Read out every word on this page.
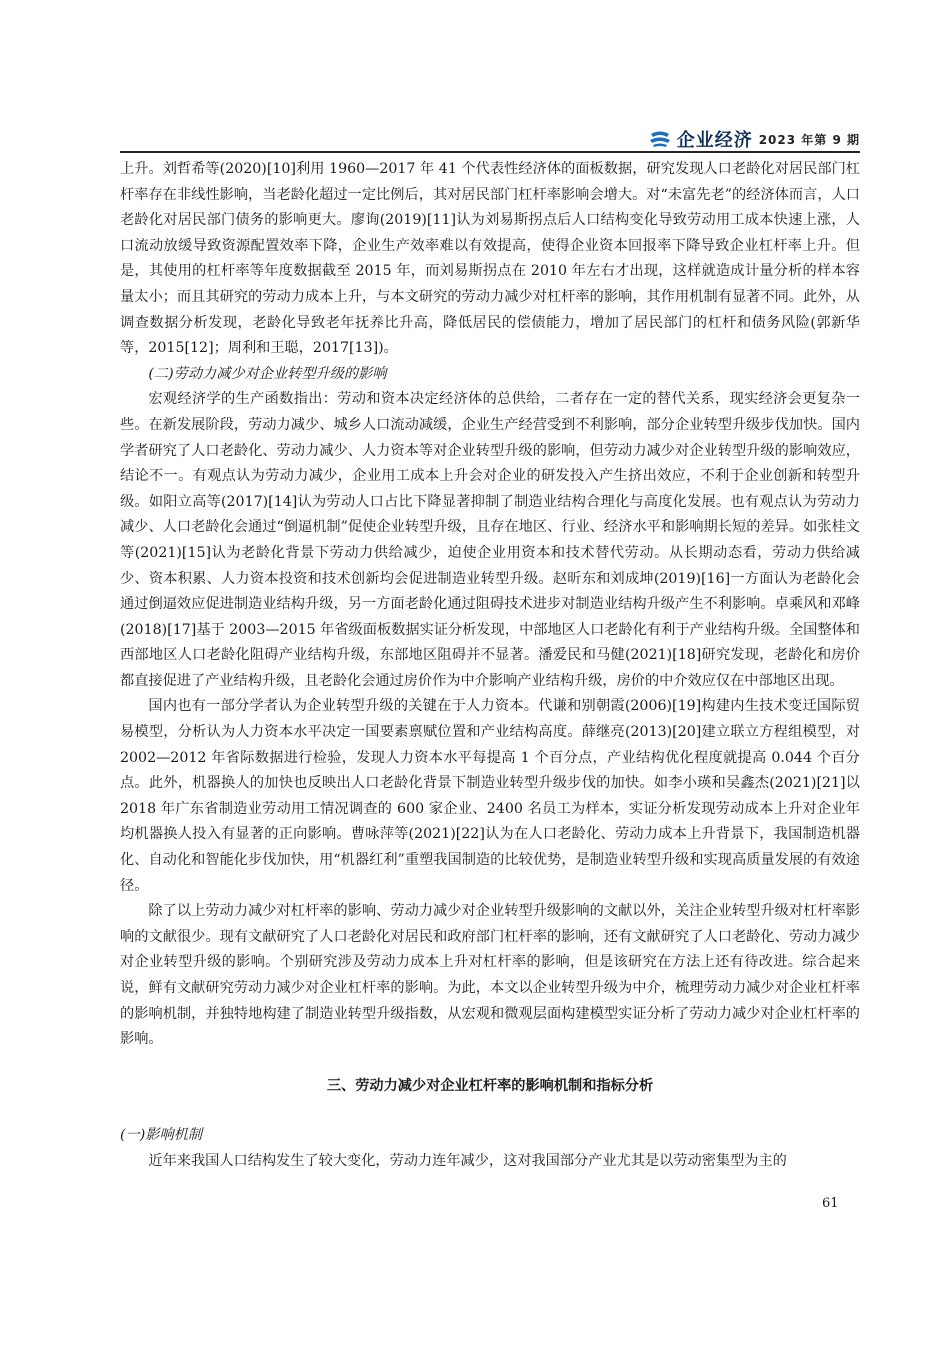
企业经济 2023 年第 9 期

上升。刘哲希等(2020)[10]利用 1960—2017 年 41 个代表性经济体的面板数据，研究发现人口老龄化对居民部门杠杆率存在非线性影响，当老龄化超过一定比例后，其对居民部门杠杆率影响会增大。对“未富先老”的经济体而言，人口老龄化对居民部门债务的影响更大。廖询(2019)[11]认为刘易斯拐点后人口结构变化导致劳动用工成本快速上涨，人口流动放缓导致资源配置效率下降，企业生产效率难以有效提高，使得企业资本回报率下降导致企业杠杆率上升。但是，其使用的杠杆率等年度数据截至 2015 年，而刘易斯拐点在 2010 年左右才出现，这样就造成计量分析的样本容量太小；而且其研究的劳动力成本上升，与本文研究的劳动力减少对杠杆率的影响，其作用机制有显著不同。此外，从调查数据分析发现，老龄化导致老年抚养比升高，降低居民的偿债能力，增加了居民部门的杠杆和债务风险(郭新华等，2015[12]；周利和王聪，2017[13])。

(二)劳动力减少对企业转型升级的影响

宏观经济学的生产函数指出：劳动和资本决定经济体的总供给，二者存在一定的替代关系，现实经济会更复杂一些。在新发展阶段，劳动力减少、城乡人口流动减缓，企业生产经营受到不利影响，部分企业转型升级步伐加快。国内学者研究了人口老龄化、劳动力减少、人力资本等对企业转型升级的影响，但劳动力减少对企业转型升级的影响效应，结论不一。有观点认为劳动力减少，企业用工成本上升会对企业的研发投入产生挤出效应，不利于企业创新和转型升级。如阳立高等(2017)[14]认为劳动人口占比下降显著抑制了制造业结构合理化与高度化发展。也有观点认为劳动力减少、人口老龄化会通过“倒逼机制”促使企业转型升级，且存在地区、行业、经济水平和影响期长短的差异。如张桂文等(2021)[15]认为老龄化背景下劳动力供给减少，迫使企业用资本和技术替代劳动。从长期动态看，劳动力供给减少、资本积累、人力资本投资和技术创新均会促进制造业转型升级。赵昕东和刘成坤(2019)[16]一方面认为老龄化会通过倒逼效应促进制造业结构升级，另一方面老龄化通过阻碍技术进步对制造业结构升级产生不利影响。卓乘风和邓峰(2018)[17]基于 2003—2015 年省级面板数据实证分析发现，中部地区人口老龄化有利于产业结构升级。全国整体和西部地区人口老龄化阻碍产业结构升级，东部地区阻碍并不显著。潘爱民和马健(2021)[18]研究发现，老龄化和房价都直接促进了产业结构升级，且老龄化会通过房价作为中介影响产业结构升级，房价的中介效应仅在中部地区出现。

国内也有一部分学者认为企业转型升级的关键在于人力资本。代谦和别朝霞(2006)[19]构建内生技术变迁国际贸易模型，分析认为人力资本水平决定一国要素禀赋位置和产业结构高度。薛继亮(2013)[20]建立联立方程组模型，对 2002—2012 年省际数据进行检验，发现人力资本水平每提高 1 个百分点，产业结构优化程度就提高 0.044 个百分点。此外，机器换人的加快也反映出人口老龄化背景下制造业转型升级步伐的加快。如李小瑛和吴鑫杰(2021)[21]以 2018 年广东省制造业劳动用工情况调查的 600 家企业、2400 名员工为样本，实证分析发现劳动成本上升对企业年均机器换人投入有显著的正向影响。曹咏萍等(2021)[22]认为在人口老龄化、劳动力成本上升背景下，我国制造机器化、自动化和智能化步伐加快，用“机器红利”重塑我国制造的比较优势，是制造业转型升级和实现高质量发展的有效途径。

除了以上劳动力减少对杠杆率的影响、劳动力减少对企业转型升级影响的文献以外，关注企业转型升级对杠杆率影响的文献很少。现有文献研究了人口老龄化对居民和政府部门杠杆率的影响，还有文献研究了人口老龄化、劳动力减少对企业转型升级的影响。个别研究涉及劳动力成本上升对杠杆率的影响，但是该研究在方法上还有待改进。综合起来说，鲜有文献研究劳动力减少对企业杠杆率的影响。为此，本文以企业转型升级为中介，梳理劳动力减少对企业杠杆率的影响机制，并独特地构建了制造业转型升级指数，从宏观和微观层面构建模型实证分析了劳动力减少对企业杠杆率的影响。

三、劳动力减少对企业杠杆率的影响机制和指标分析

(一)影响机制

近年来我国人口结构发生了较大变化，劳动力连年减少，这对我国部分产业尤其是以劳动密集型为主的

61
